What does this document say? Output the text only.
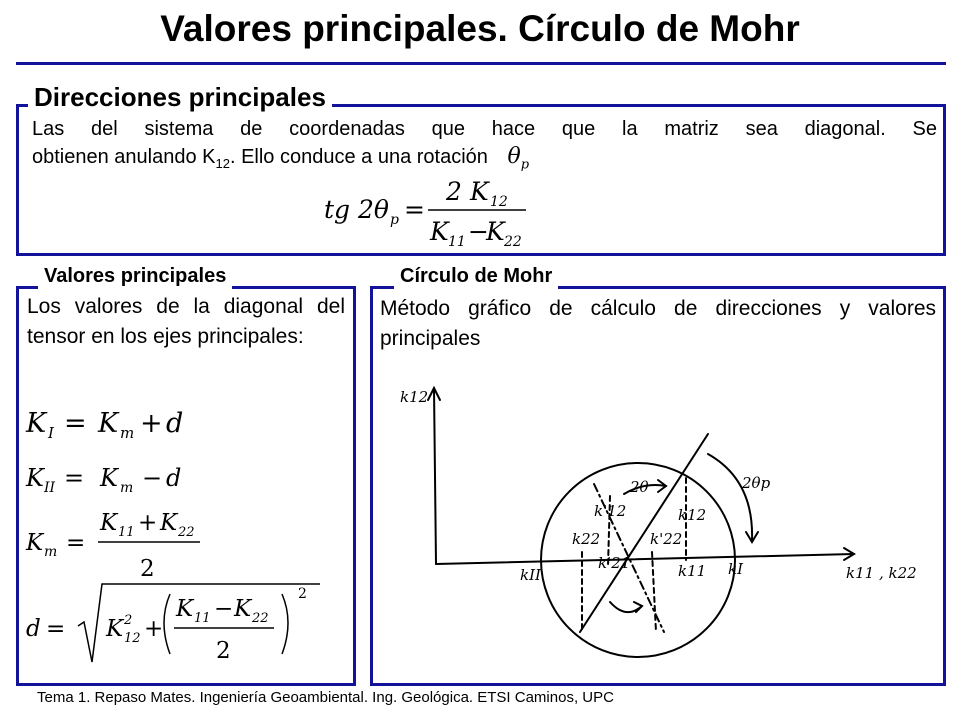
Valores principales. Círculo de Mohr
Direcciones principales
Las del sistema de coordenadas que hace que la matriz sea diagonal. Se
obtienen anulando $K_{12}$. Ello conduce a una rotación $\theta_p$
tg 2θ p =
2 K 12
K 11 −
K 22
Valores principales
Los valores de la diagonal del tensor en los ejes principales:
K I = K m + d
K II = K m − d
K m =
K 11 + K 22
2
d = K 2
12 +
K 11 − K 22
2
2
Círculo de Mohr
Método gráfico de cálculo de direcciones y valores principales
k12
k11 , k22
2θ	2θp
k12
k'12
k22	k'22
k'21
kII	k11 kI
Tema 1. Repaso Mates. Ingeniería Geoambiental. Ing. Geológica. ETSI Caminos, UPC
